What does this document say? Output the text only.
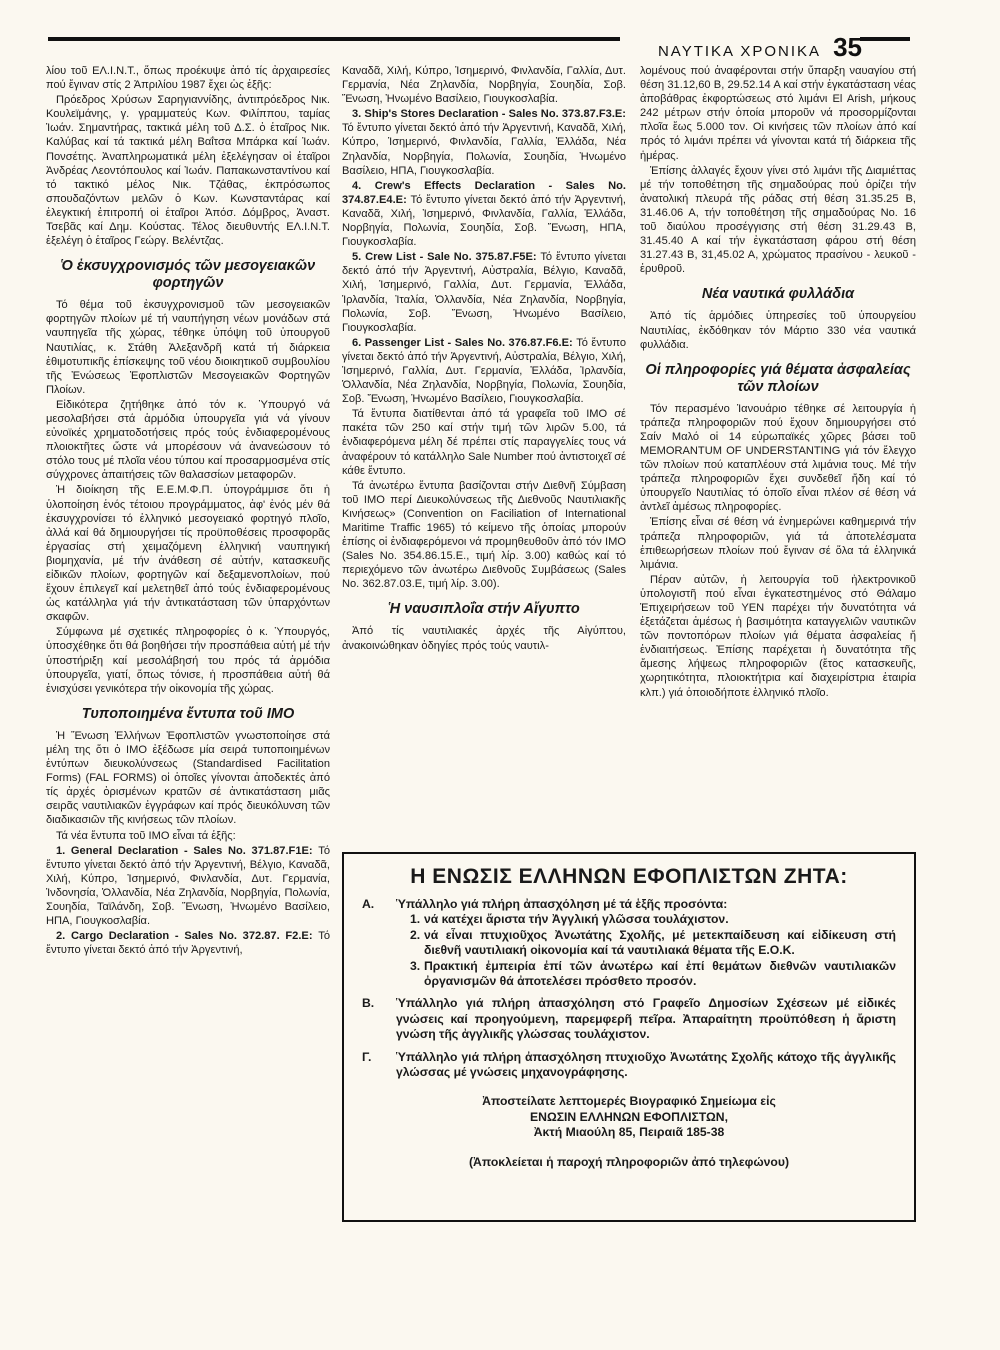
ΝΑΥΤΙΚΑ ΧΡΟΝΙΚΑ 35

λίου τοῦ ΕΛ.Ι.Ν.Τ., ὅπως προέκυψε ἀπό τίς ἀρχαιρεσίες πού ἔγιναν στίς 2 Ἀπριλίου 1987 ἔχει ὡς ἑξῆς:

Πρόεδρος Χρύσων Σαρηγιαννίδης, ἀντιπρόεδρος Νικ. Κουλεϊμάνης, γ. γραμματεύς Κων. Φιλίππου, ταμίας Ἰωάν. Σημαντήρας, τακτικά μέλη τοῦ Δ.Σ. ὁ ἑταῖρος Νικ. Καλύβας καί τά τακτικά μέλη Βαΐτσα Μπάρκα καί Ἰωάν. Πονσέτης. Ἀναπληρωματικά μέλη ἐξελέγησαν οἱ ἑταῖροι Ἀνδρέας Λεοντόπουλος καί Ἰωάν. Παπακωνσταντίνου καί τό τακτικό μέλος Νικ. Τζάθας, ἐκπρόσωπος σπουδαζόντων μελῶν ὁ Κων. Κωνσταντάρας καί ἐλεγκτική ἐπιτροπή οἱ ἑταῖροι Ἀπόσ. Δόμβρος, Ἀναστ. Τσεβᾶς καί Δημ. Κούστας. Τέλος διευθυντής ΕΛ.Ι.Ν.Τ. ἐξελέγη ὁ ἑταῖρος Γεώργ. Βελέντζας.

Ὁ ἐκσυγχρονισμός τῶν μεσογειακῶν φορτηγῶν

Τό θέμα τοῦ ἐκσυγχρονισμοῦ τῶν μεσογειακῶν φορτηγῶν πλοίων μέ τή ναυπήγηση νέων μονάδων στά ναυπηγεῖα τῆς χώρας, τέθηκε ὑπόψη τοῦ ὑπουργοῦ Ναυτιλίας, κ. Στάθη Ἀλεξανδρῆ κατά τή διάρκεια ἐθιμοτυπικῆς ἐπίσκεψης τοῦ νέου διοικητικοῦ συμβουλίου τῆς Ἑνώσεως Ἐφοπλιστῶν Μεσογειακῶν Φορτηγῶν Πλοίων.

Εἰδικότερα ζητήθηκε ἀπό τόν κ. Ὑπουργό νά μεσολαβήσει στά ἁρμόδια ὑπουργεῖα γιά νά γίνουν εὐνοϊκές χρηματοδοτήσεις πρός τούς ἐνδιαφερομένους πλοιοκτῆτες ὥστε νά μπορέσουν νά ἀνανεώσουν τό στόλο τους μέ πλοῖα νέου τύπου καί προσαρμοσμένα στίς σύγχρονες ἀπαιτήσεις τῶν θαλασσίων μεταφορῶν.

Ἡ διοίκηση τῆς Ε.Ε.Μ.Φ.Π. ὑπογράμμισε ὅτι ἡ ὑλοποίηση ἑνός τέτοιου προγράμματος, ἀφ' ἑνός μέν θά ἐκσυγχρονίσει τό ἑλληνικό μεσογειακό φορτηγό πλοῖο, ἀλλά καί θά δημιουργήσει τίς προϋποθέσεις προσφορᾶς ἐργασίας στή χειμαζόμενη ἑλληνική ναυπηγική βιομηχανία, μέ τήν ἀνάθεση σέ αὐτήν, κατασκευῆς εἰδικῶν πλοίων, φορτηγῶν καί δεξαμενοπλοίων, πού ἔχουν ἐπιλεγεῖ καί μελετηθεῖ ἀπό τούς ἐνδιαφερομένους ὡς κατάλληλα γιά τήν ἀντικατάσταση τῶν ὑπαρχόντων σκαφῶν.

Σύμφωνα μέ σχετικές πληροφορίες ὁ κ. Ὑπουργός, ὑποσχέθηκε ὅτι θά βοηθήσει τήν προσπάθεια αὐτή μέ τήν ὑποστήριξη καί μεσολάβησή του πρός τά ἁρμόδια ὑπουργεῖα, γιατί, ὅπως τόνισε, ἡ προσπάθεια αὐτή θά ἐνισχύσει γενικότερα τήν οἰκονομία τῆς χώρας.

Τυποποιημένα ἔντυπα τοῦ ΙΜΟ

Ἡ Ἕνωση Ἑλλήνων Ἐφοπλιστῶν γνωστοποίησε στά μέλη της ὅτι ὁ ΙΜΟ ἐξέδωσε μία σειρά τυποποιημένων ἐντύπων διευκολύνσεως (Standardised Facilitation Forms) (FAL FORMS) οἱ ὁποῖες γίνονται ἀποδεκτές ἀπό τίς ἀρχές ὁρισμένων κρατῶν σέ ἀντικατάσταση μιᾶς σειρᾶς ναυτιλιακῶν ἐγγράφων καί πρός διευκόλυνση τῶν διαδικασιῶν τῆς κινήσεως τῶν πλοίων.

Τά νέα ἔντυπα τοῦ ΙΜΟ εἶναι τά ἑξῆς:

1. General Declaration - Sales No. 371.87.F1E: Τό ἔντυπο γίνεται δεκτό ἀπό τήν Ἀργεντινή, Βέλγιο, Καναδᾶ, Χιλή, Κύπρο, Ἰσημερινό, Φινλανδία, Δυτ. Γερμανία, Ἰνδονησία, Ὁλλανδία, Νέα Ζηλανδία, Νορβηγία, Πολωνία, Σουηδία, Ταϊλάνδη, Σοβ. Ἕνωση, Ἡνωμένο Βασίλειο, ΗΠΑ, Γιουγκοσλαβία.

2. Cargo Declaration - Sales No. 372.87. F2.E: Τό ἔντυπο γίνεται δεκτό ἀπό τήν Ἀργεντινή,

Καναδᾶ, Χιλή, Κύπρο, Ἰσημερινό, Φινλανδία, Γαλλία, Δυτ. Γερμανία, Νέα Ζηλανδία, Νορβηγία, Σουηδία, Σοβ. Ἕνωση, Ἡνωμένο Βασίλειο, Γιουγκοσλαβία.

3. Ship's Stores Declaration - Sales No. 373.87.F3.E: Τό ἔντυπο γίνεται δεκτό ἀπό τήν Ἀργεντινή, Καναδᾶ, Χιλή, Κύπρο, Ἰσημερινό, Φινλανδία, Γαλλία, Ἑλλάδα, Νέα Ζηλανδία, Νορβηγία, Πολωνία, Σουηδία, Ἡνωμένο Βασίλειο, ΗΠΑ, Γιουγκοσλαβία.

4. Crew's Effects Declaration - Sales No. 374.87.E4.E: Τό ἔντυπο γίνεται δεκτό ἀπό τήν Ἀργεντινή, Καναδᾶ, Χιλή, Ἰσημερινό, Φινλανδία, Γαλλία, Ἑλλάδα, Νορβηγία, Πολωνία, Σουηδία, Σοβ. Ἕνωση, ΗΠΑ, Γιουγκοσλαβία.

5. Crew List - Sale No. 375.87.F5E: Τό ἔντυπο γίνεται δεκτό ἀπό τήν Ἀργεντινή, Αὐστραλία, Βέλγιο, Καναδᾶ, Χιλή, Ἰσημερινό, Γαλλία, Δυτ. Γερμανία, Ἑλλάδα, Ἰρλανδία, Ἰταλία, Ὁλλανδία, Νέα Ζηλανδία, Νορβηγία, Πολωνία, Σοβ. Ἕνωση, Ἡνωμένο Βασίλειο, Γιουγκοσλαβία.

6. Passenger List - Sales No. 376.87.F6.E: Τό ἔντυπο γίνεται δεκτό ἀπό τήν Ἀργεντινή, Αὐστραλία, Βέλγιο, Χιλή, Ἰσημερινό, Γαλλία, Δυτ. Γερμανία, Ἑλλάδα, Ἰρλανδία, Ὁλλανδία, Νέα Ζηλανδία, Νορβηγία, Πολωνία, Σουηδία, Σοβ. Ἕνωση, Ἡνωμένο Βασίλειο, Γιουγκοσλαβία.

Τά ἔντυπα διατίθενται ἀπό τά γραφεῖα τοῦ ΙΜΟ σέ πακέτα τῶν 250 καί στήν τιμή τῶν λιρῶν 5.00, τά ἐνδιαφερόμενα μέλη δέ πρέπει στίς παραγγελίες τους νά ἀναφέρουν τό κατάλληλο Sale Number πού ἀντιστοιχεῖ σέ κάθε ἔντυπο.

Τά ἀνωτέρω ἔντυπα βασίζονται στήν Διεθνῆ Σύμβαση τοῦ ΙΜΟ περί Διευκολύνσεως τῆς Διεθνοῦς Ναυτιλιακῆς Κινήσεως» (Convention on Faciliation of International Maritime Traffic 1965) τό κείμενο τῆς ὁποίας μπορούν ἐπίσης οἱ ἐνδιαφερόμενοι νά προμηθευθοῦν ἀπό τόν ΙΜΟ (Sales No. 354.86.15.Ε., τιμή λίρ. 3.00) καθώς καί τό περιεχόμενο τῶν ἀνωτέρω Διεθνοῦς Συμβάσεως (Sales No. 362.87.03.Ε, τιμή λίρ. 3.00).

Ἡ ναυσιπλοΐα στήν Αἴγυπτο

Ἀπό τίς ναυτιλιακές ἀρχές τῆς Αἰγύπτου, ἀνακοινώθηκαν ὁδηγίες πρός τούς ναυτιλ-

λομένους πού ἀναφέρονται στήν ὕπαρξη ναυαγίου στή θέση 31.12,60 Β, 29.52.14 Α καί στήν ἐγκατάσταση νέας ἀποβάθρας ἐκφορτώσεως στό λιμάνι El Arish, μήκους 242 μέτρων στήν ὁποία μποροῦν νά προσορμίζονται πλοῖα ἕως 5.000 τον. Οἱ κινήσεις τῶν πλοίων ἀπό καί πρός τό λιμάνι πρέπει νά γίνονται κατά τή διάρκεια τῆς ἡμέρας.

Ἐπίσης ἀλλαγές ἔχουν γίνει στό λιμάνι τῆς Διαμιέττας μέ τήν τοποθέτηση τῆς σημαδούρας πού ὁρίζει τήν ἀνατολική πλευρά τῆς ράδας στή θέση 31.35.25 Β, 31.46.06 Α, τήν τοποθέτηση τῆς σημαδούρας Νο. 16 τοῦ διαύλου προσέγγισης στή θέση 31.29.43 Β, 31.45.40 Α καί τήν ἐγκατάσταση φάρου στή θέση 31.27.43 Β, 31,45.02 Α, χρώματος πρασίνου - λευκοῦ - ἐρυθροῦ.

Νέα ναυτικά φυλλάδια

Ἀπό τίς ἁρμόδιες ὑπηρεσίες τοῦ ὑπουργείου Ναυτιλίας, ἐκδόθηκαν τόν Μάρτιο 330 νέα ναυτικά φυλλάδια.

Οἱ πληροφορίες γιά θέματα ἀσφαλείας τῶν πλοίων

Τόν περασμένο Ἰανουάριο τέθηκε σέ λειτουργία ἡ τράπεζα πληροφοριῶν πού ἔχουν δημιουργήσει στό Σαίν Μαλό οἱ 14 εὐρωπαϊκές χῶρες βάσει τοῦ MEMORANTUM OF UNDERSTANTING γιά τόν ἔλεγχο τῶν πλοίων πού καταπλέουν στά λιμάνια τους. Μέ τήν τράπεζα πληροφοριῶν ἔχει συνδεθεῖ ἤδη καί τό ὑπουργεῖο Ναυτιλίας τό ὁποῖο εἶναι πλέον σέ θέση νά ἀντλεῖ ἀμέσως πληροφορίες.

Ἐπίσης εἶναι σέ θέση νά ἐνημερώνει καθημερινά τήν τράπεζα πληροφοριῶν, γιά τά ἀποτελέσματα ἐπιθεωρήσεων πλοίων πού ἔγιναν σέ ὅλα τά ἑλληνικά λιμάνια.

Πέραν αὐτῶν, ἡ λειτουργία τοῦ ἠλεκτρονικοῦ ὑπολογιστῆ πού εἶναι ἐγκατεστημένος στό Θάλαμο Ἐπιχειρήσεων τοῦ ΥΕΝ παρέχει τήν δυνατότητα νά ἐξετάζεται ἀμέσως ἡ βασιμότητα καταγγελιῶν ναυτικῶν τῶν ποντοπόρων πλοίων γιά θέματα ἀσφαλείας ἤ ἐνδιαιτήσεως. Ἐπίσης παρέχεται ἡ δυνατότητα τῆς ἄμεσης λήψεως πληροφοριῶν (ἔτος κατασκευῆς, χωρητικότητα, πλοιοκτήτρια καί διαχειρίστρια ἑταιρία κλπ.) γιά ὁποιοδήποτε ἑλληνικό πλοῖο.

Η ΕΝΩΣΙΣ ΕΛΛΗΝΩΝ ΕΦΟΠΛΙΣΤΩΝ ΖΗΤΑ:
Α.	Ὑπάλληλο γιά πλήρη ἀπασχόληση μέ τά ἑξῆς προσόντα:
1. νά κατέχει ἄριστα τήν Ἀγγλική γλῶσσα τουλάχιστον.
2. νά εἶναι πτυχιοῦχος Ἀνωτάτης Σχολῆς, μέ μετεκπαίδευση καί εἰδίκευση στή διεθνῆ ναυτιλιακή οἰκονομία καί τά ναυτιλιακά θέματα τῆς Ε.Ο.Κ.
3. Πρακτική ἐμπειρία ἐπί τῶν ἀνωτέρω καί ἐπί θεμάτων διεθνῶν ναυτιλιακῶν ὀργανισμῶν θά ἀποτελέσει πρόσθετο προσόν.
Β.	Ὑπάλληλο γιά πλήρη ἀπασχόληση στό Γραφεῖο Δημοσίων Σχέσεων μέ εἰδικές γνώσεις καί προηγούμενη, παρεμφερῆ πεῖρα. Ἀπαραίτητη προϋπόθεση ἡ ἄριστη γνώση τῆς ἀγγλικῆς γλώσσας τουλάχιστον.
Γ.	Ὑπάλληλο γιά πλήρη ἀπασχόληση πτυχιοῦχο Ἀνωτάτης Σχολῆς κάτοχο τῆς ἀγγλικῆς γλώσσας μέ γνώσεις μηχανογράφησης.
Ἀποστείλατε λεπτομερές Βιογραφικό Σημείωμα εἰς
ΕΝΩΣΙΝ ΕΛΛΗΝΩΝ ΕΦΟΠΛΙΣΤΩΝ,
Ἀκτή Μιαούλη 85, Πειραιᾶ 185-38
(Ἀποκλείεται ἡ παροχή πληροφοριῶν ἀπό τηλεφώνου)
